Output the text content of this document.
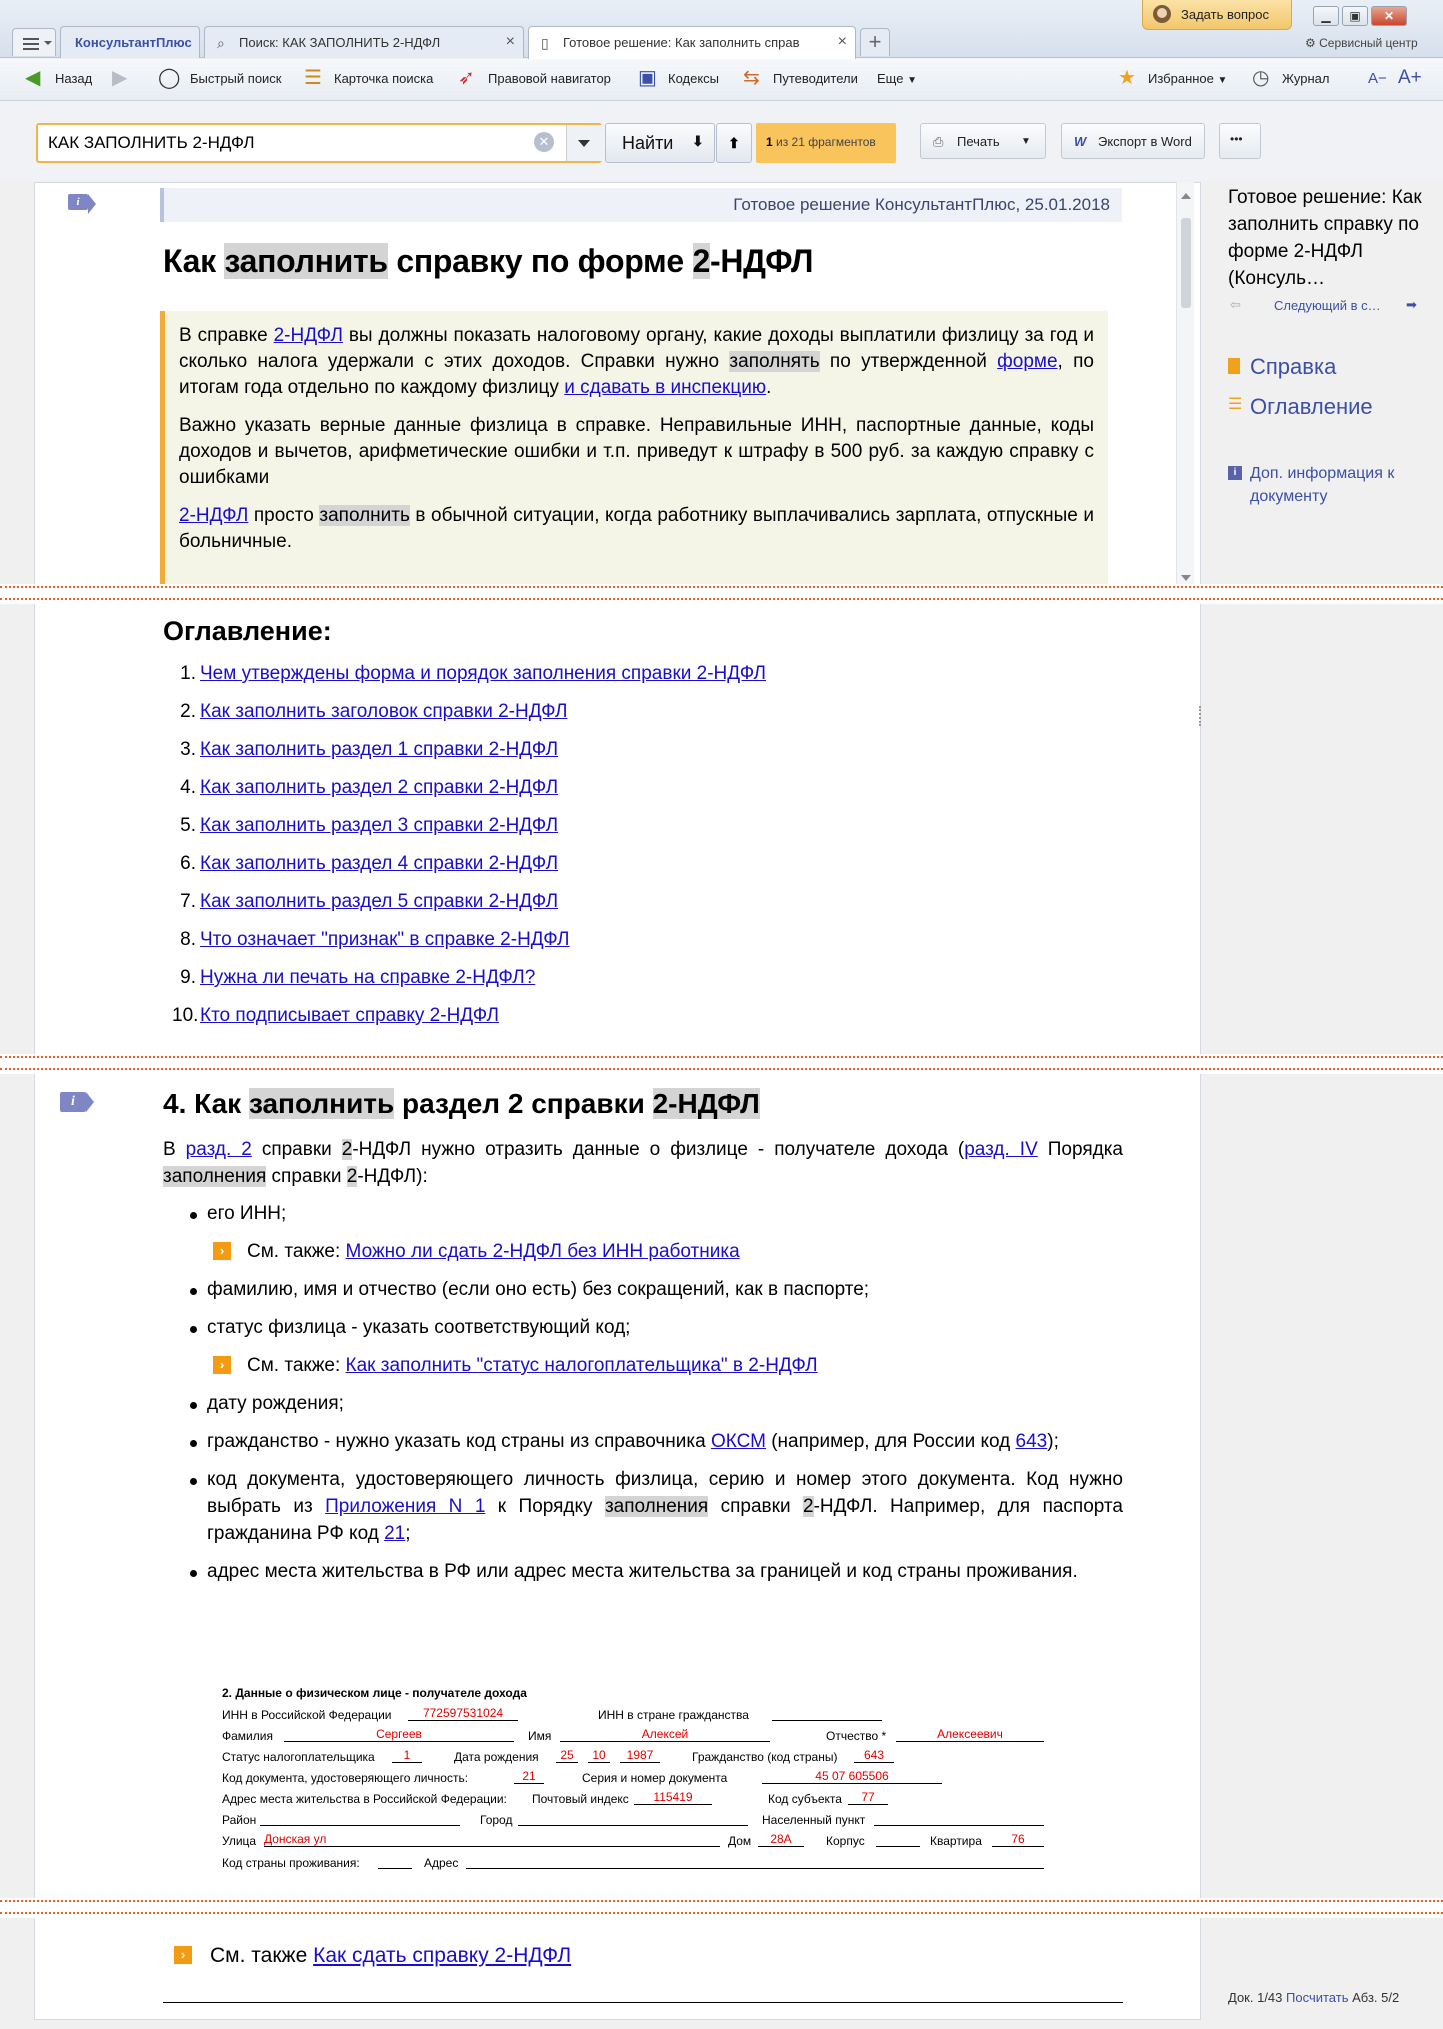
КонсультантПлюс ⌕ Поиск: КАК ЗАПОЛНИТЬ 2-НДФЛ	× ▯ Готовое решение: Как заполнить справ	× +
Задать вопрос	▁	▣	✕
⚙ Сервисный центр
◀ Назад ▶ ◯ Быстрый поиск ☰ Карточка поиска ➶ Правовой навигатор ▣ Кодексы ⇆ Путеводители Еще ▼	★ Избранное ▼ ◷ Журнал	А− А+
КАК ЗАПОЛНИТЬ 2-НДФЛ
✕	Найти ⬇	⬆	1 из 21 фрагментов	⎙ Печать ▼	W Экспорт в Word	•••
i	Готовое решение КонсультантПлюс, 25.01.2018
Как заполнить справку по форме 2-НДФЛ

В справке 2-НДФЛ вы должны показать налоговому органу, какие доходы выплатили физлицу за год и сколько налога удержали с этих доходов. Справки нужно заполнять по утвержденной форме, по итогам года отдельно по каждому физлицу и сдавать в инспекцию.

Важно указать верные данные физлица в справке. Неправильные ИНН, паспортные данные, коды доходов и вычетов, арифметические ошибки и т.п. приведут к штрафу в 500 руб. за каждую справку с ошибками

2-НДФЛ просто заполнить в обычной ситуации, когда работнику выплачивались зарплата, отпускные и больничные.

Оглавление:
1. Чем утверждены форма и порядок заполнения справки 2-НДФЛ
2. Как заполнить заголовок справки 2-НДФЛ
3. Как заполнить раздел 1 справки 2-НДФЛ
4. Как заполнить раздел 2 справки 2-НДФЛ
5. Как заполнить раздел 3 справки 2-НДФЛ
6. Как заполнить раздел 4 справки 2-НДФЛ
7. Как заполнить раздел 5 справки 2-НДФЛ
8. Что означает "признак" в справке 2-НДФЛ
9. Нужна ли печать на справке 2-НДФЛ?
10.Кто подписывает справку 2-НДФЛ
i	4. Как заполнить раздел 2 справки 2-НДФЛ

В разд. 2 справки 2-НДФЛ нужно отразить данные о физлице - получателе дохода (разд. IV Порядка заполнения справки 2-НДФЛ):

его ИНН;
›	См. также: Можно ли сдать 2-НДФЛ без ИНН работника
фамилию, имя и отчество (если оно есть) без сокращений, как в паспорте;
статус физлица - указать соответствующий код;
›	См. также: Как заполнить "статус налогоплательщика" в 2-НДФЛ
дату рождения;
гражданство - нужно указать код страны из справочника ОКСМ (например, для России код 643);
код документа, удостоверяющего личность физлица, серию и номер этого документа. Код нужно выбрать из Приложения N 1 к Порядку заполнения справки 2-НДФЛ. Например, для паспорта гражданина РФ код 21;
адрес места жительства в РФ или адрес места жительства за границей и код страны проживания.
2. Данные о физическом лице - получателе дохода
ИНН в Российской Федерации	772597531024	ИНН в стране гражданства
Фамилия	Сергеев	Имя	Алексей	Отчество *	Алексеевич
Статус налогоплательщика	1	Дата рождения	25	10	1987	Гражданство (код страны)	643
Код документа, удостоверяющего личность:	21	Серия и номер документа	45 07 605506
Адрес места жительства в Российской Федерации: Почтовый индекс	115419	Код субъекта	77
Район	Город	Населенный пункт
Улица Донская ул	Дом	28А	Корпус	Квартира	76
Код страны проживания:	Адрес
›	См. также Как сдать справку 2-НДФЛ
Готовое решение: Как заполнить справку по форме 2-НДФЛ (Консуль…
⇦	Следующий в с… ➡
Справка
☰ Оглавление
i Доп. информация к документу
Док. 1/43 Посчитать Абз. 5/2
